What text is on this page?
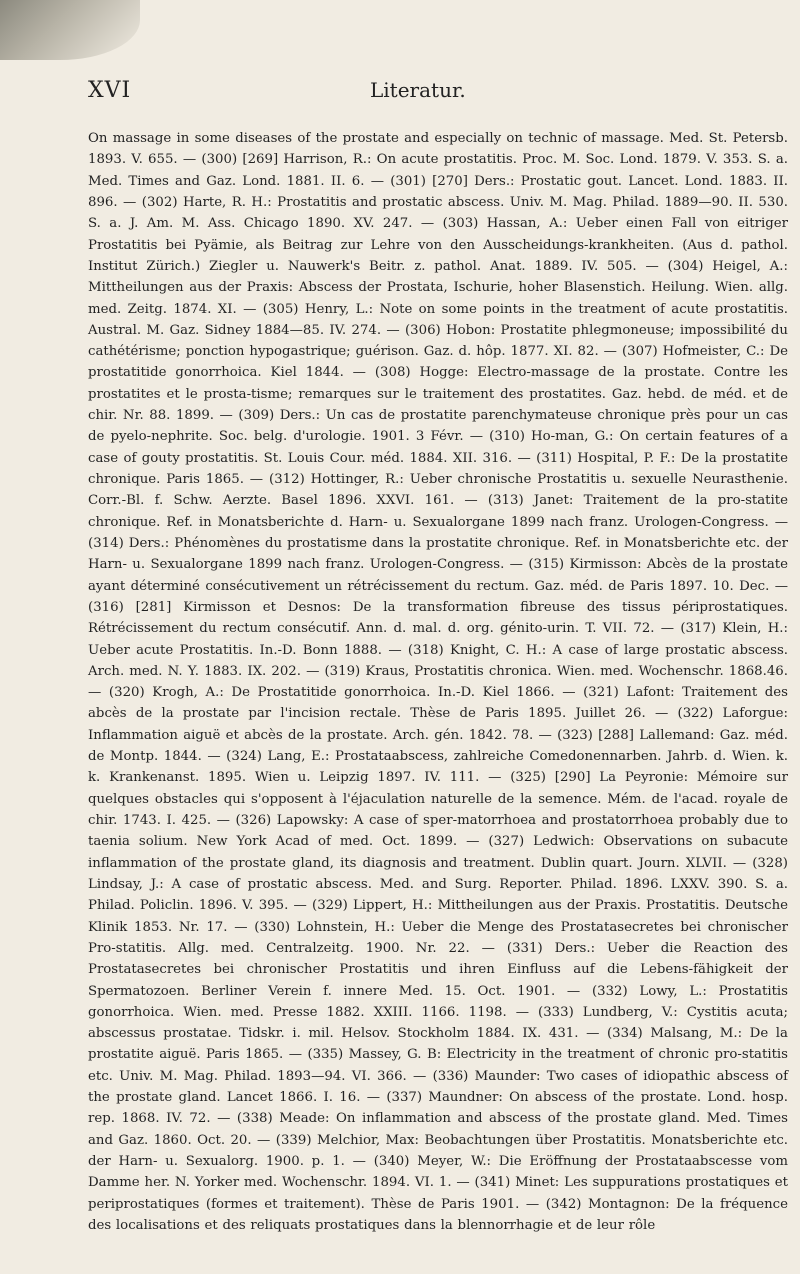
XVI	Literatur.
On massage in some diseases of the prostate and especially on technic of massage. Med. St. Petersb. 1893. V. 655. — (300) [269] Harrison, R.: On acute prostatitis. Proc. M. Soc. Lond. 1879. V. 353. S. a. Med. Times and Gaz. Lond. 1881. II. 6. — (301) [270] Ders.: Prostatic gout. Lancet. Lond. 1883. II. 896. — (302) Harte, R. H.: Prostatitis and prostatic abscess. Univ. M. Mag. Philad. 1889—90. II. 530. S. a. J. Am. M. Ass. Chicago 1890. XV. 247. — (303) Hassan, A.: Ueber einen Fall von eitriger Prostatitis bei Pyämie, als Beitrag zur Lehre von den Ausscheidungs-krankheiten. (Aus d. pathol. Institut Zürich.) Ziegler u. Nauwerk's Beitr. z. pathol. Anat. 1889. IV. 505. — (304) Heigel, A.: Mittheilungen aus der Praxis: Abscess der Prostata, Ischurie, hoher Blasenstich. Heilung. Wien. allg. med. Zeitg. 1874. XI. — (305) Henry, L.: Note on some points in the treatment of acute prostatitis. Austral. M. Gaz. Sidney 1884—85. IV. 274. — (306) Hobon: Prostatite phlegmoneuse; impossibilité du cathétérisme; ponction hypogastrique; guérison. Gaz. d. hôp. 1877. XI. 82. — (307) Hofmeister, C.: De prostatitide gonorrhoica. Kiel 1844. — (308) Hogge: Electro-massage de la prostate. Contre les prostatites et le prosta-tisme; remarques sur le traitement des prostatites. Gaz. hebd. de méd. et de chir. Nr. 88. 1899. — (309) Ders.: Un cas de prostatite parenchymateuse chronique près pour un cas de pyelo-nephrite. Soc. belg. d'urologie. 1901. 3 Févr. — (310) Ho-man, G.: On certain features of a case of gouty prostatitis. St. Louis Cour. méd. 1884. XII. 316. — (311) Hospital, P. F.: De la prostatite chronique. Paris 1865. — (312) Hottinger, R.: Ueber chronische Prostatitis u. sexuelle Neurasthenie. Corr.-Bl. f. Schw. Aerzte. Basel 1896. XXVI. 161. — (313) Janet: Traitement de la pro-statite chronique. Ref. in Monatsberichte d. Harn- u. Sexualorgane 1899 nach franz. Urologen-Congress. — (314) Ders.: Phénomènes du prostatisme dans la prostatite chronique. Ref. in Monatsberichte etc. der Harn- u. Sexualorgane 1899 nach franz. Urologen-Congress. — (315) Kirmisson: Abcès de la prostate ayant déterminé consécutivement un rétrécissement du rectum. Gaz. méd. de Paris 1897. 10. Dec. — (316) [281] Kirmisson et Desnos: De la transformation fibreuse des tissus périprostatiques. Rétrécissement du rectum consécutif. Ann. d. mal. d. org. génito-urin. T. VII. 72. — (317) Klein, H.: Ueber acute Prostatitis. In.-D. Bonn 1888. — (318) Knight, C. H.: A case of large prostatic abscess. Arch. med. N. Y. 1883. IX. 202. — (319) Kraus, Prostatitis chronica. Wien. med. Wochenschr. 1868.46. — (320) Krogh, A.: De Prostatitide gonorrhoica. In.-D. Kiel 1866. — (321) Lafont: Traitement des abcès de la prostate par l'incision rectale. Thèse de Paris 1895. Juillet 26. — (322) Laforgue: Inflammation aiguë et abcès de la prostate. Arch. gén. 1842. 78. — (323) [288] Lallemand: Gaz. méd. de Montp. 1844. — (324) Lang, E.: Prostataabscess, zahlreiche Comedonennarben. Jahrb. d. Wien. k. k. Krankenanst. 1895. Wien u. Leipzig 1897. IV. 111. — (325) [290] La Peyronie: Mémoire sur quelques obstacles qui s'opposent à l'éjaculation naturelle de la semence. Mém. de l'acad. royale de chir. 1743. I. 425. — (326) Lapowsky: A case of sper-matorrhoea and prostatorrhoea probably due to taenia solium. New York Acad of med. Oct. 1899. — (327) Ledwich: Observations on subacute inflammation of the prostate gland, its diagnosis and treatment. Dublin quart. Journ. XLVII. — (328) Lindsay, J.: A case of prostatic abscess. Med. and Surg. Reporter. Philad. 1896. LXXV. 390. S. a. Philad. Policlin. 1896. V. 395. — (329) Lippert, H.: Mittheilungen aus der Praxis. Prostatitis. Deutsche Klinik 1853. Nr. 17. — (330) Lohnstein, H.: Ueber die Menge des Prostatasecretes bei chronischer Pro-statitis. Allg. med. Centralzeitg. 1900. Nr. 22. — (331) Ders.: Ueber die Reaction des Prostatasecretes bei chronischer Prostatitis und ihren Einfluss auf die Lebens-fähigkeit der Spermatozoen. Berliner Verein f. innere Med. 15. Oct. 1901. — (332) Lowy, L.: Prostatitis gonorrhoica. Wien. med. Presse 1882. XXIII. 1166. 1198. — (333) Lundberg, V.: Cystitis acuta; abscessus prostatae. Tidskr. i. mil. Helsov. Stockholm 1884. IX. 431. — (334) Malsang, M.: De la prostatite aiguë. Paris 1865. — (335) Massey, G. B: Electricity in the treatment of chronic pro-statitis etc. Univ. M. Mag. Philad. 1893—94. VI. 366. — (336) Maunder: Two cases of idiopathic abscess of the prostate gland. Lancet 1866. I. 16. — (337) Maundner: On abscess of the prostate. Lond. hosp. rep. 1868. IV. 72. — (338) Meade: On inflammation and abscess of the prostate gland. Med. Times and Gaz. 1860. Oct. 20. — (339) Melchior, Max: Beobachtungen über Prostatitis. Monatsberichte etc. der Harn- u. Sexualorg. 1900. p. 1. — (340) Meyer, W.: Die Eröffnung der Prostataabscesse vom Damme her. N. Yorker med. Wochenschr. 1894. VI. 1. — (341) Minet: Les suppurations prostatiques et periprostatiques (formes et traitement). Thèse de Paris 1901. — (342) Montagnon: De la fréquence des localisations et des reliquats prostatiques dans la blennorrhagie et de leur rôle
